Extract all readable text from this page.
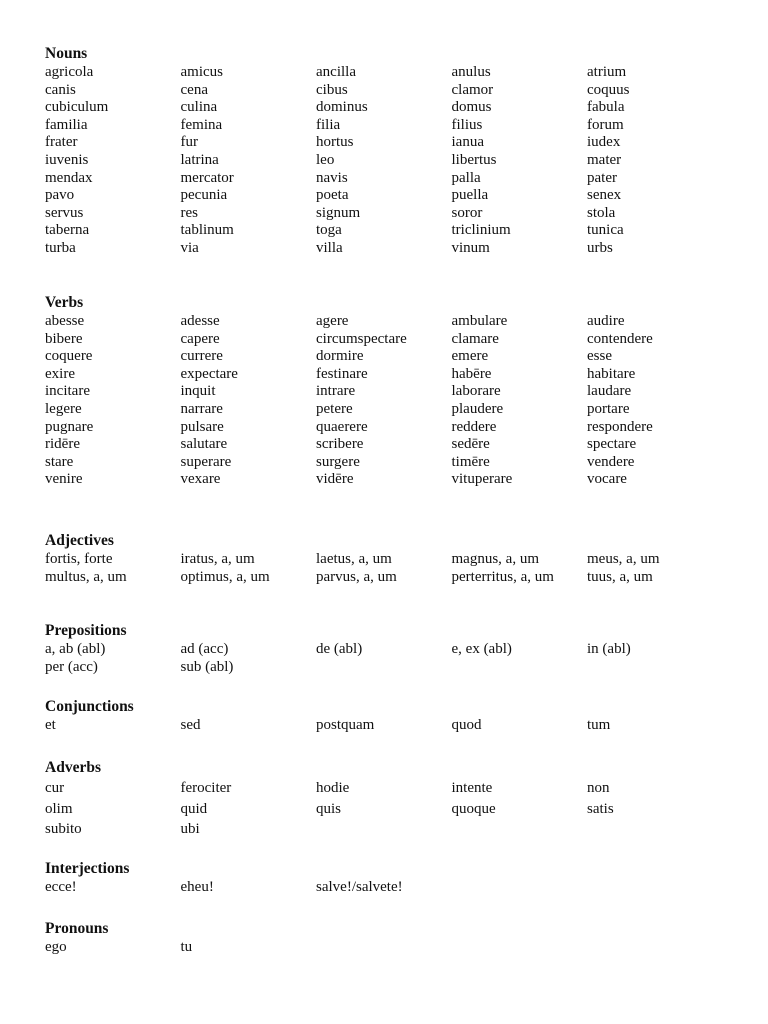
Nouns
agricola	amicus	ancilla	anulus	atrium
canis	cena	cibus	clamor	coquus
cubiculum	culina	dominus	domus	fabula
familia	femina	filia	filius	forum
frater	fur	hortus	ianua	iudex
iuvenis	latrina	leo	libertus	mater
mendax	mercator	navis	palla	pater
pavo	pecunia	poeta	puella	senex
servus	res	signum	soror	stola
taberna	tablinum	toga	triclinium	tunica
turba	via	villa	vinum	urbs
Verbs
abesse	adesse	agere	ambulare	audire
bibere	capere	circumspectare	clamare	contendere
coquere	currere	dormire	emere	esse
exire	expectare	festinare	habēre	habitare
incitare	inquit	intrare	laborare	laudare
legere	narrare	petere	plaudere	portare
pugnare	pulsare	quaerere	reddere	respondere
ridēre	salutare	scribere	sedēre	spectare
stare	superare	surgere	timēre	vendere
venire	vexare	vidēre	vituperare	vocare
Adjectives
fortis, forte	iratus, a, um	laetus, a, um	magnus, a, um	meus, a, um
multus, a, um	optimus, a, um	parvus, a, um	perterritus, a, um	tuus, a, um
Prepositions
a, ab (abl)	ad (acc)	de (abl)	e, ex (abl)	in (abl)
per (acc)	sub (abl)
Conjunctions
et	sed	postquam	quod	tum
Adverbs
cur	ferociter	hodie	intente	non
olim	quid	quis	quoque	satis
subito	ubi
Interjections
ecce!	eheu!	salve!/salvete!
Pronouns
ego	tu
